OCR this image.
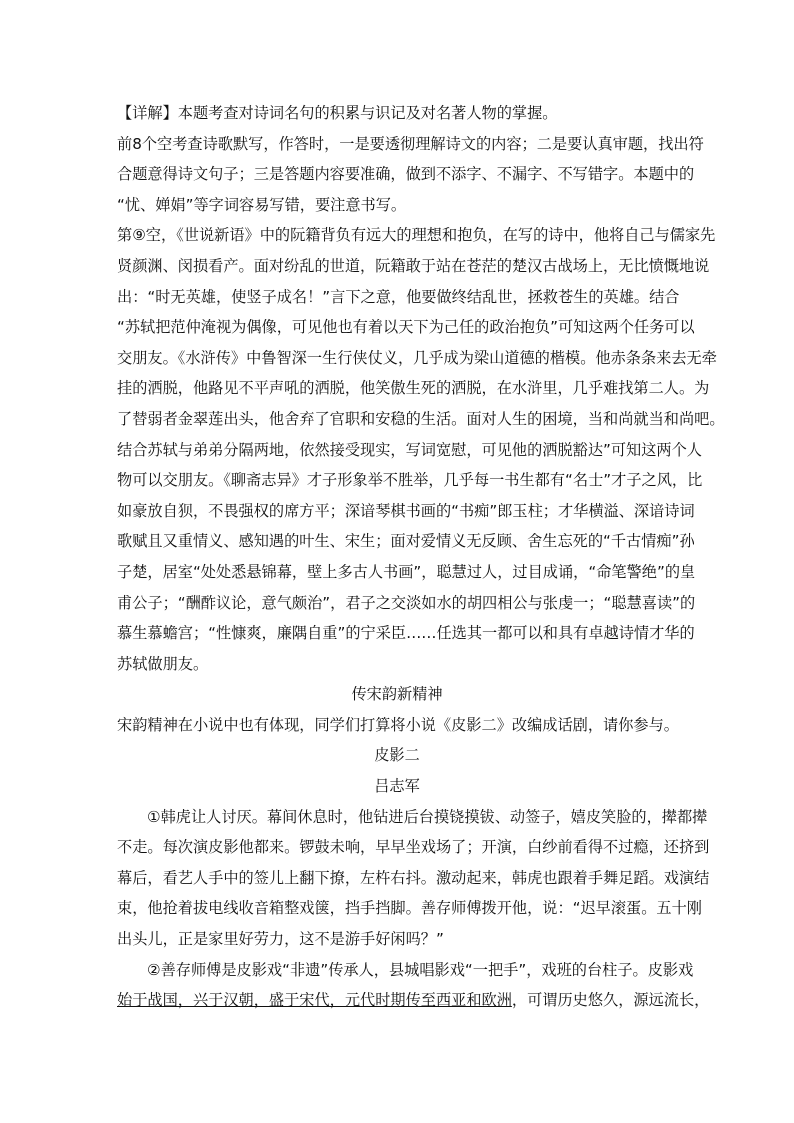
【详解】本题考查对诗词名句的积累与识记及对名著人物的掌握。

前8个空考查诗歌默写，作答时，一是要透彻理解诗文的内容；二是要认真审题，找出符

合题意得诗文句子；三是答题内容要准确，做到不添字、不漏字、不写错字。本题中的

“忧、婵娟”等字词容易写错，要注意书写。

第⑨空，《世说新语》中的阮籍背负有远大的理想和抱负，在写的诗中，他将自己与儒家先

贤颜渊、闵损看产。面对纷乱的世道，阮籍敢于站在苍茫的楚汉古战场上，无比愤慨地说

出：“时无英雄，使竖子成名！”言下之意，他要做终结乱世，拯救苍生的英雄。结合

“苏轼把范仲淹视为偶像，可见他也有着以天下为己任的政治抱负”可知这两个任务可以

交朋友。《水浒传》中鲁智深一生行侠仗义，几乎成为梁山道德的楷模。他赤条条来去无牵

挂的洒脱，他路见不平声吼的洒脱，他笑傲生死的洒脱，在水浒里，几乎难找第二人。为

了替弱者金翠莲出头，他舍弃了官职和安稳的生活。面对人生的困境，当和尚就当和尚吧。

结合苏轼与弟弟分隔两地，依然接受现实，写词宽慰，可见他的洒脱豁达”可知这两个人

物可以交朋友。《聊斋志异》才子形象举不胜举，几乎每一书生都有“名士”才子之风，比

如豪放自狈，不畏强权的席方平；深谙琴棋书画的“书痴”郎玉柱；才华横溢、深谙诗词

歌赋且又重情义、感知遇的叶生、宋生；面对爱情义无反顾、舍生忘死的“千古情痴”孙

子楚，居室“处处悉悬锦幕，壁上多古人书画”，聪慧过人，过目成诵，“命笔警绝”的皇

甫公子；“酬酢议论，意气颇治”，君子之交淡如水的胡四相公与张虔一；“聪慧喜读”的

慕生慕蟾宫；“性慷爽，廉隅自重”的宁采臣……任选其一都可以和具有卓越诗情才华的

苏轼做朋友。

传宋韵新精神

宋韵精神在小说中也有体现，同学们打算将小说《皮影二》改编成话剧，请你参与。

皮影二

吕志军

①韩虎让人讨厌。幕间休息时，他钻进后台摸铙摸钹、动签子，嬉皮笑脸的，撵都撵

不走。每次演皮影他都来。锣鼓未响，早早坐戏场了；开演，白纱前看得不过瘾，还挤到

幕后，看艺人手中的签儿上翻下撩，左杵右抖。激动起来，韩虎也跟着手舞足蹈。戏演结

束，他抢着拔电线收音箱整戏箧，挡手挡脚。善存师傅拨开他，说：“迟早滚蛋。五十刚

出头儿，正是家里好劳力，这不是游手好闲吗？”

②善存师傅是皮影戏“非遗”传承人，县城唱影戏“一把手”，戏班的台柱子。皮影戏

始于战国，兴于汉朝，盛于宋代，元代时期传至西亚和欧洲，可谓历史悠久，源远流长，
